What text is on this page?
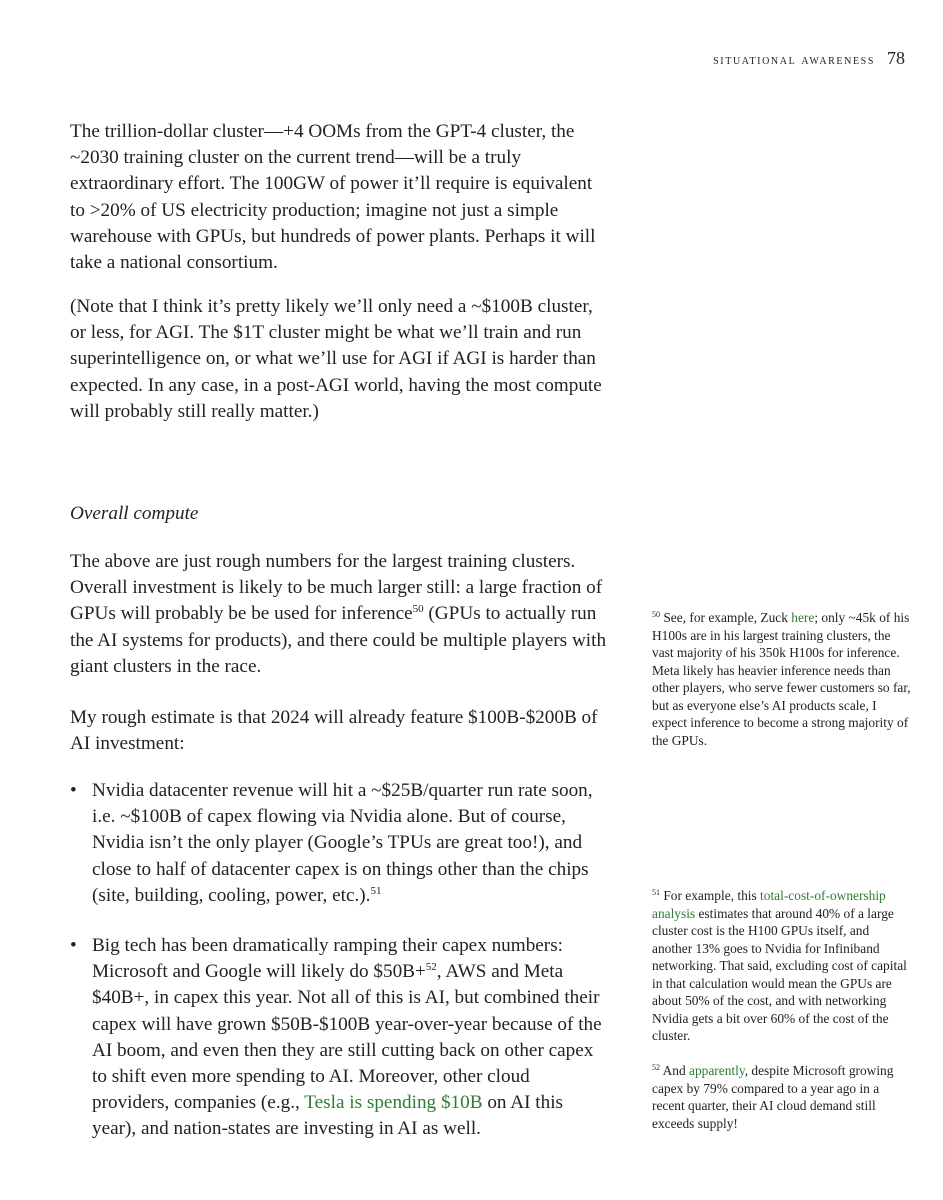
situational awareness 78

The trillion-dollar cluster—+4 OOMs from the GPT-4 cluster, the ~2030 training cluster on the current trend—will be a truly extraordinary effort. The 100GW of power it’ll require is equivalent to >20% of US electricity production; imagine not just a simple warehouse with GPUs, but hundreds of power plants. Perhaps it will take a national consortium.

(Note that I think it’s pretty likely we’ll only need a ~$100B cluster, or less, for AGI. The $1T cluster might be what we’ll train and run superintelligence on, or what we’ll use for AGI if AGI is harder than expected. In any case, in a post-AGI world, having the most compute will probably still really matter.)

Overall compute

The above are just rough numbers for the largest training clusters. Overall investment is likely to be much larger still: a large fraction of GPUs will probably be be used for inference$^{50}$ (GPUs to actually run the AI systems for products), and there could be multiple players with giant clusters in the race.

My rough estimate is that 2024 will already feature $100B-$200B of AI investment:

• Nvidia datacenter revenue will hit a ~$25B/quarter run rate soon, i.e. ~$100B of capex flowing via Nvidia alone. But of course, Nvidia isn’t the only player (Google’s TPUs are great too!), and close to half of datacenter capex is on things other than the chips (site, building, cooling, power, etc.).$^{51}$
• Big tech has been dramatically ramping their capex numbers: Microsoft and Google will likely do $50B+$^{52}$, AWS and Meta $40B+, in capex this year. Not all of this is AI, but combined their capex will have grown $50B-$100B year-over-year because of the AI boom, and even then they are still cutting back on other capex to shift even more spending to AI. Moreover, other cloud providers, companies (e.g., Tesla is spending $10B on AI this year), and nation-states are investing in AI as well.
$^{50}$ See, for example, Zuck here; only ~45k of his H100s are in his largest training clusters, the vast majority of his 350k H100s for inference. Meta likely has heavier inference needs than other players, who serve fewer customers so far, but as everyone else’s AI products scale, I expect inference to become a strong majority of the GPUs.
$^{51}$ For example, this total-cost-of-ownership analysis estimates that around 40% of a large cluster cost is the H100 GPUs itself, and another 13% goes to Nvidia for Infiniband networking. That said, excluding cost of capital in that calculation would mean the GPUs are about 50% of the cost, and with networking Nvidia gets a bit over 60% of the cost of the cluster.
$^{52}$ And apparently, despite Microsoft growing capex by 79% compared to a year ago in a recent quarter, their AI cloud demand still exceeds supply!
